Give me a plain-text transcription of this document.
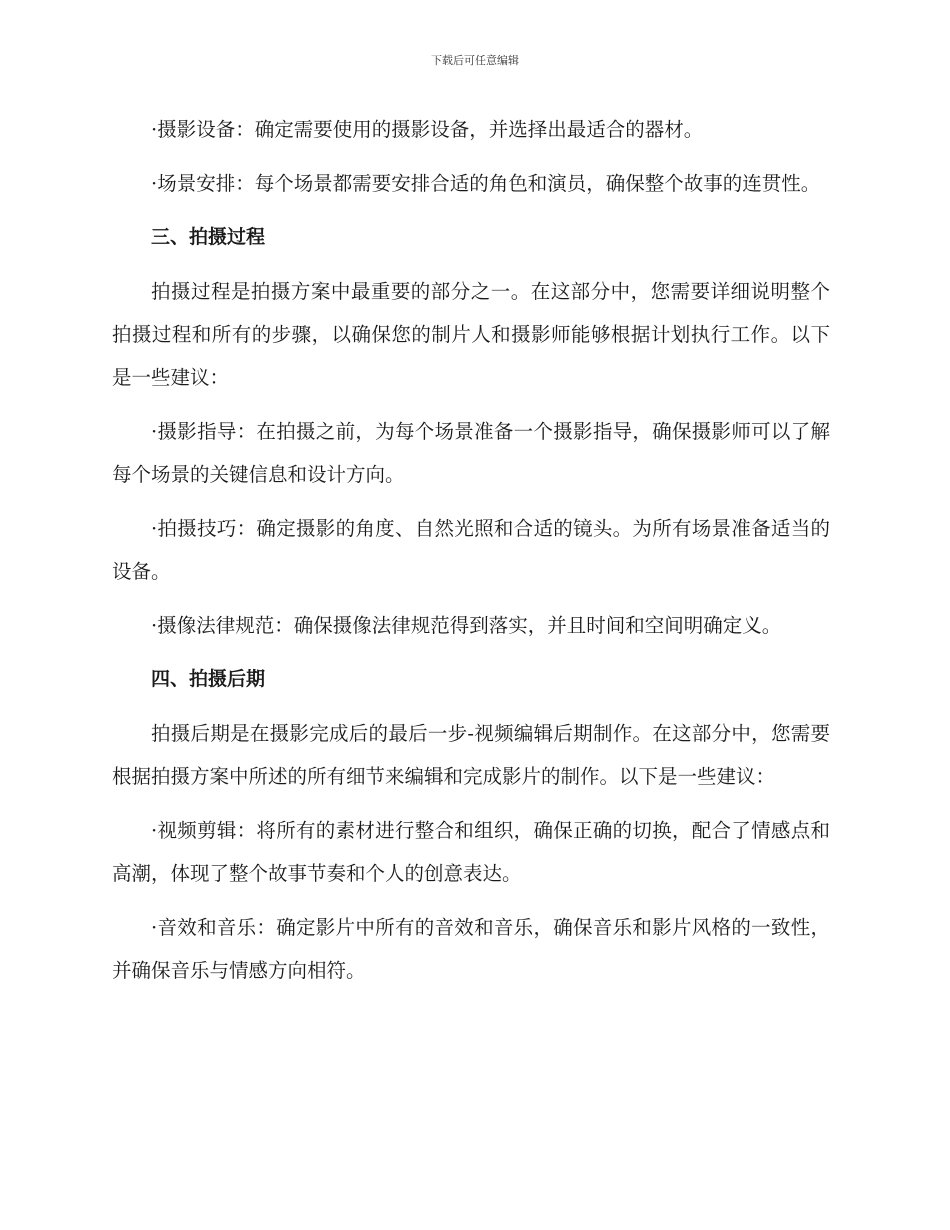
下载后可任意编辑

·摄影设备：确定需要使用的摄影设备，并选择出最适合的器材。

·场景安排：每个场景都需要安排合适的角色和演员，确保整个故事的连贯性。

三、拍摄过程

拍摄过程是拍摄方案中最重要的部分之一。在这部分中，您需要详细说明整个拍摄过程和所有的步骤，以确保您的制片人和摄影师能够根据计划执行工作。以下是一些建议：

·摄影指导：在拍摄之前，为每个场景准备一个摄影指导，确保摄影师可以了解每个场景的关键信息和设计方向。

·拍摄技巧：确定摄影的角度、自然光照和合适的镜头。为所有场景准备适当的设备。

·摄像法律规范：确保摄像法律规范得到落实，并且时间和空间明确定义。

四、拍摄后期

拍摄后期是在摄影完成后的最后一步-视频编辑后期制作。在这部分中，您需要根据拍摄方案中所述的所有细节来编辑和完成影片的制作。以下是一些建议：

·视频剪辑：将所有的素材进行整合和组织，确保正确的切换，配合了情感点和高潮，体现了整个故事节奏和个人的创意表达。

·音效和音乐：确定影片中所有的音效和音乐，确保音乐和影片风格的一致性，并确保音乐与情感方向相符。
